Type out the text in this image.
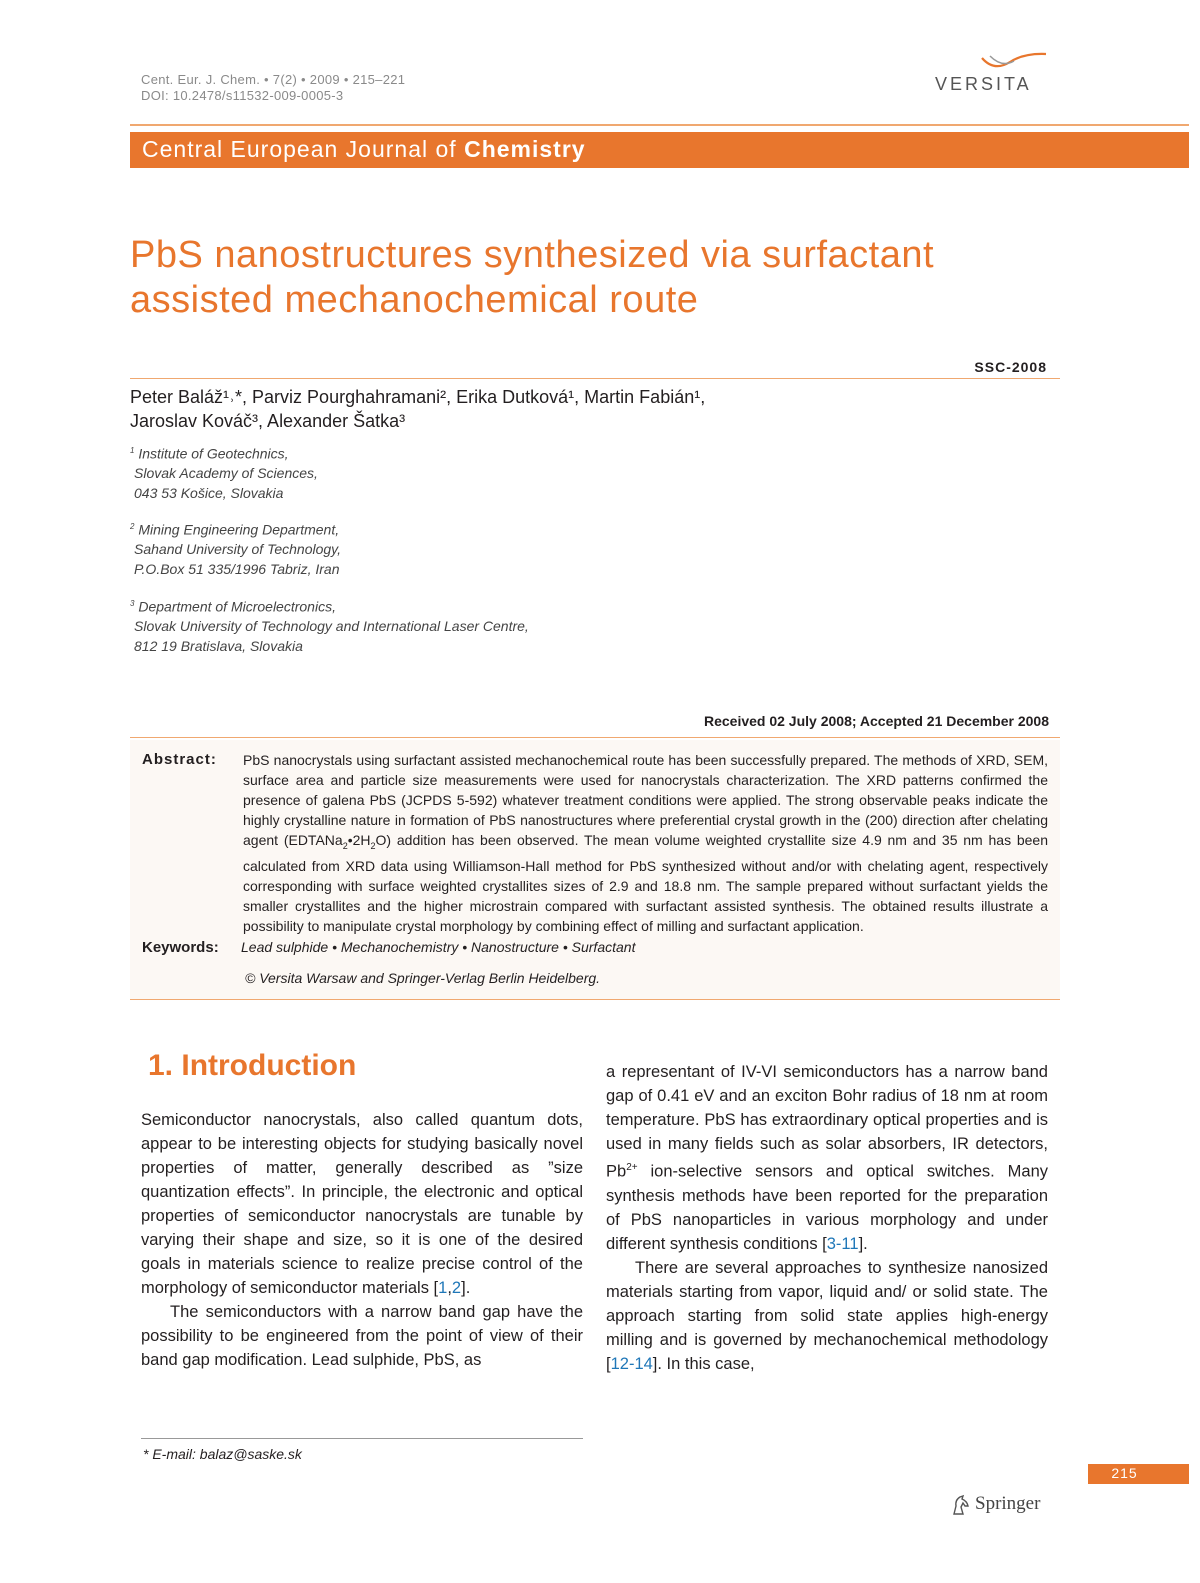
Cent. Eur. J. Chem. • 7(2) • 2009 • 215–221
DOI: 10.2478/s11532-009-0005-3
VERSITA
Central European Journal of Chemistry
PbS nanostructures synthesized via surfactant
assisted mechanochemical route
SSC-2008
Peter Baláž¹˒*, Parviz Pourghahramani², Erika Dutková¹, Martin Fabián¹,
Jaroslav Kováč³, Alexander Šatka³
$^1$ Institute of Geotechnics,
Slovak Academy of Sciences,
043 53 Košice, Slovakia
$^2$ Mining Engineering Department,
Sahand University of Technology,
P.O.Box 51 335/1996 Tabriz, Iran
$^3$ Department of Microelectronics,
Slovak University of Technology and International Laser Centre,
812 19 Bratislava, Slovakia
Received 02 July 2008; Accepted 21 December 2008
Abstract: PbS nanocrystals using surfactant assisted mechanochemical route has been successfully prepared. The methods of XRD, SEM, surface area and particle size measurements were used for nanocrystals characterization. The XRD patterns confirmed the presence of galena PbS (JCPDS 5-592) whatever treatment conditions were applied. The strong observable peaks indicate the highly crystalline nature in formation of PbS nanostructures where preferential crystal growth in the (200) direction after chelating agent $(EDTANa_2•2H_2O)$ addition has been observed. The mean volume weighted crystallite size 4.9 nm and 35 nm has been calculated from XRD data using Williamson-Hall method for PbS synthesized without and/or with chelating agent, respectively corresponding with surface weighted crystallites sizes of 2.9 and 18.8 nm. The sample prepared without surfactant yields the smaller crystallites and the higher microstrain compared with surfactant assisted synthesis. The obtained results illustrate a possibility to manipulate crystal morphology by combining effect of milling and surfactant application.
Keywords: Lead sulphide • Mechanochemistry • Nanostructure • Surfactant
© Versita Warsaw and Springer-Verlag Berlin Heidelberg.
1. Introduction
Semiconductor nanocrystals, also called quantum dots, appear to be interesting objects for studying basically novel properties of matter, generally described as ”size quantization effects”. In principle, the electronic and optical properties of semiconductor nanocrystals are tunable by varying their shape and size, so it is one of the desired goals in materials science to realize precise control of the morphology of semiconductor materials [1,2].
The semiconductors with a narrow band gap have the possibility to be engineered from the point of view of their band gap modification. Lead sulphide, PbS, as
a representant of IV-VI semiconductors has a narrow band gap of 0.41 eV and an exciton Bohr radius of 18 nm at room temperature. PbS has extraordinary optical properties and is used in many fields such as solar absorbers, IR detectors, $Pb^{2+}$ ion-selective sensors and optical switches. Many synthesis methods have been reported for the preparation of PbS nanoparticles in various morphology and under different synthesis conditions [3-11].
There are several approaches to synthesize nanosized materials starting from vapor, liquid and/ or solid state. The approach starting from solid state applies high-energy milling and is governed by mechanochemical methodology [12-14]. In this case,
* E-mail: balaz@saske.sk
215
Springer
